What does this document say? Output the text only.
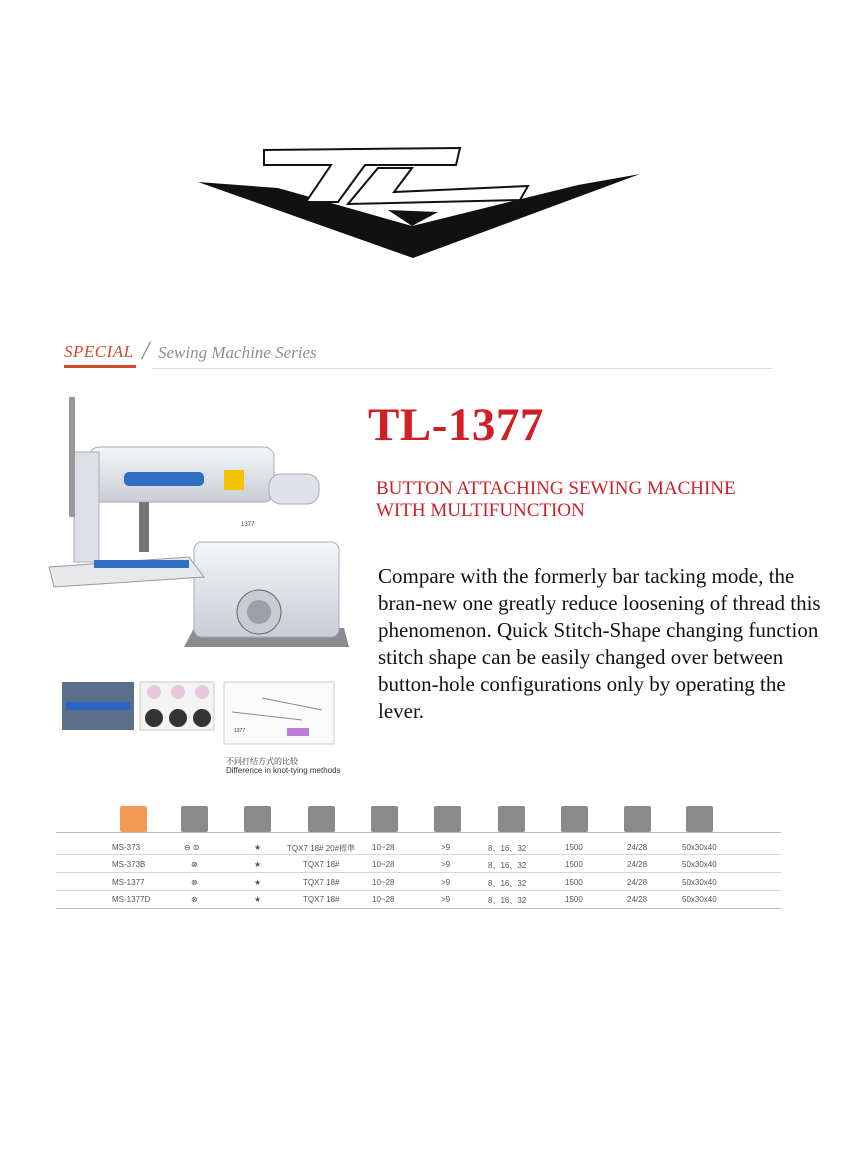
SPECIAL / Sewing Machine Series
TL-1377
BUTTON ATTACHING SEWING MACHINE
WITH MULTIFUNCTION
Compare with the formerly bar tacking mode, the bran-new one greatly reduce loosening of thread this phenomenon. Quick Stitch-Shape changing function stitch shape can be easily changed over between button-hole configurations only by operating the lever.
1377
1377
不同打结方式的比较
Difference in knot-tying methods
MS-373	⊖ ⊜	★	TQX7 18# 20#標準 10~28	>9	8、16、32	1500	24/28	50x30x40
MS-373B	⊗	★	TQX7 18#	10~28	>9	8、16、32	1500	24/28	50x30x40
MS-1377	⊗	★	TQX7 18#	10~28	>9	8、16、32	1500	24/28	50x30x40
MS-1377D	⊗	★	TQX7 18#	10~28	>9	8、16、32	1500	24/28	50x30x40
